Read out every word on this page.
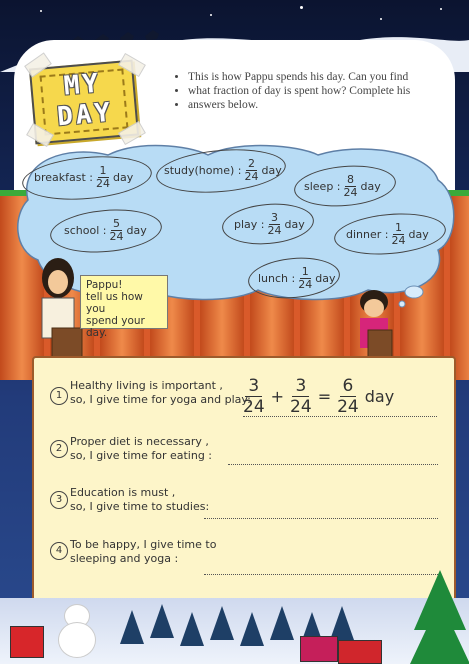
MY
DAY
• This is how Pappu spends his day. Can you find
• what fraction of day is spent how? Complete his
• answers below.
breakfast : $\frac{1}{24}$ day
study(home) : $\frac{2}{24}$ day
sleep : $\frac{8}{24}$ day
school : $\frac{5}{24}$ day	play : $\frac{3}{24}$ day
dinner : $\frac{1}{24}$ day
lunch : $\frac{1}{24}$ day
Pappu!
tell us how you
spend your day.
1
Healthy living is important ,
so, I give time for yoga and play:
$\frac{3}{24} + \frac{3}{24} = \frac{6}{24}$ day
2
Proper diet is necessary ,
so, I give time for eating :
3
Education is must ,
so, I give time to studies:
4 To be happy, I give time to
sleeping and yoga :
